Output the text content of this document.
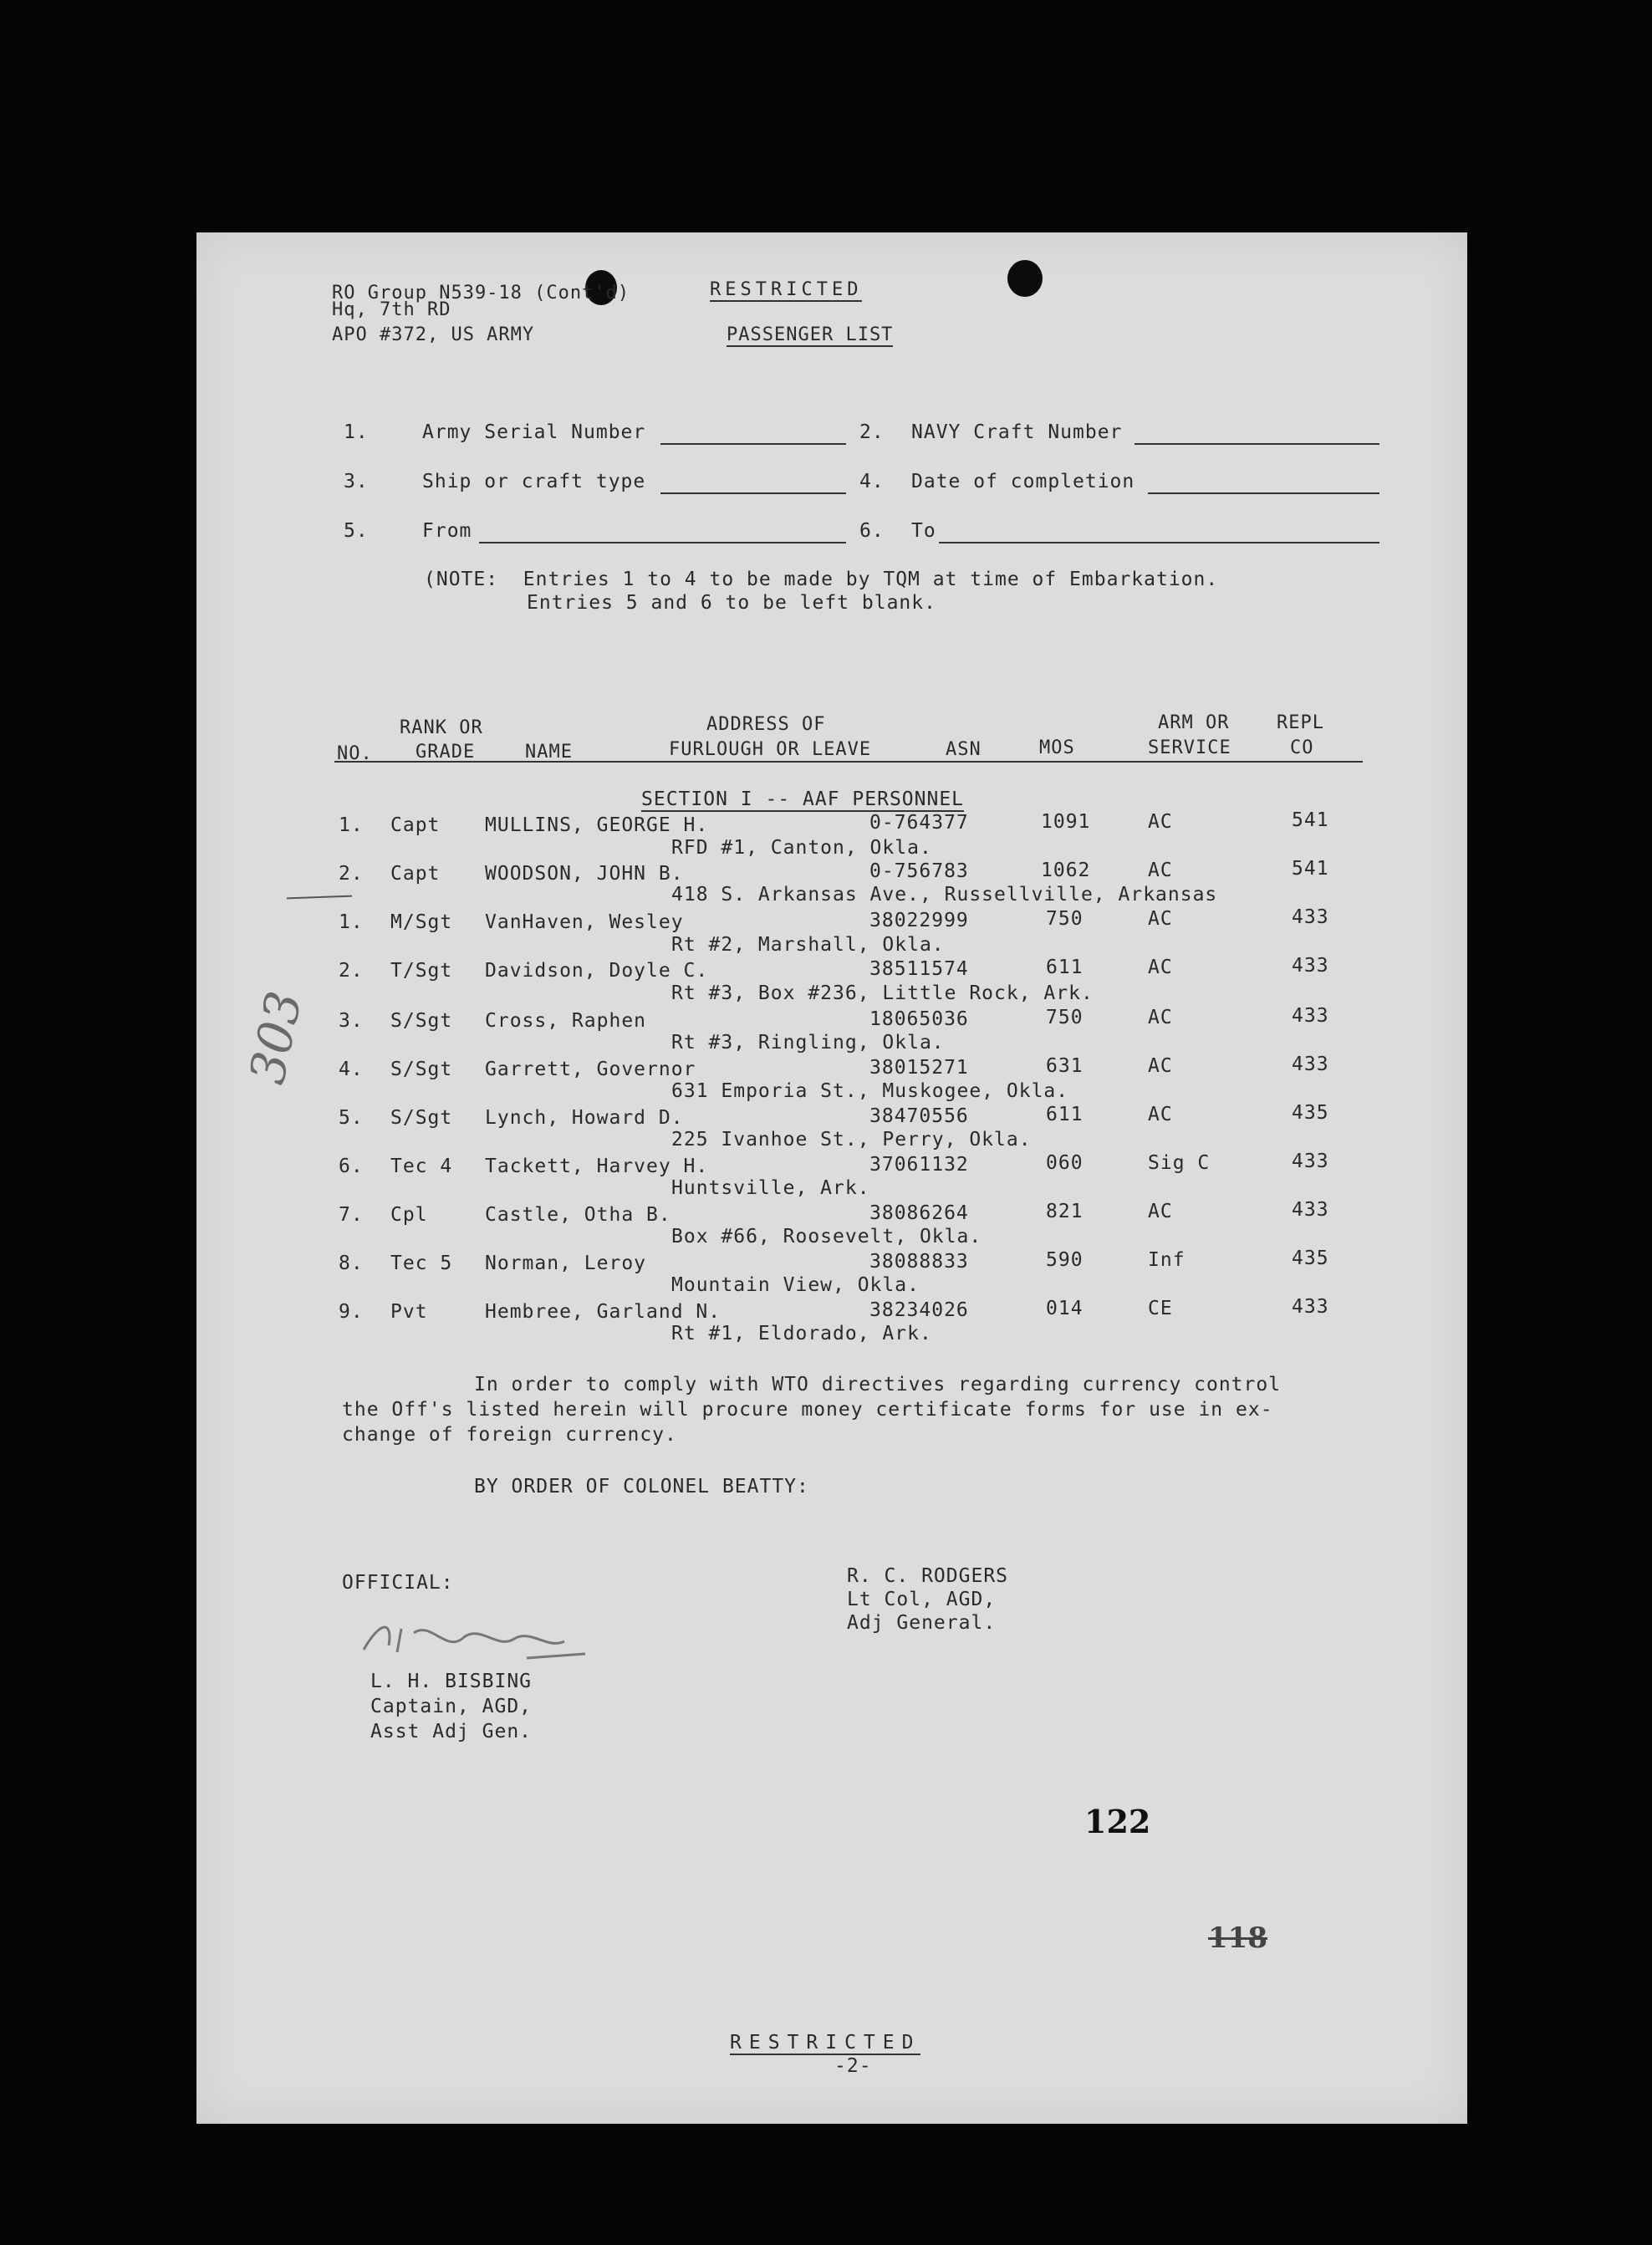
RO Group N539-18 (Cont'd)
Hq, 7th RD
APO #372, US ARMY
RESTRICTED
PASSENGER LIST
1.	Army Serial Number	2. NAVY Craft Number
3.	Ship or craft type	4. Date of completion
5.	From	6. To
(NOTE:  Entries 1 to 4 to be made by TQM at time of Embarkation.
Entries 5 and 6 to be left blank.
RANK OR	ADDRESS OF	ARM OR	REPL
NO. GRADE	NAME	FURLOUGH OR LEAVE	ASN	MOS	SERVICE	CO
SECTION I -- AAF PERSONNEL
1. Capt MULLINS, GEORGE H.	0-764377	1091	AC	541
RFD #1, Canton, Okla.
2. Capt WOODSON, JOHN B.	0-756783	1062	AC	541
418 S. Arkansas Ave., Russellville, Arkansas
1. M/Sgt VanHaven, Wesley	38022999	750	AC	433
Rt #2, Marshall, Okla.
2. T/Sgt Davidson, Doyle C.	38511574	611	AC	433
Rt #3, Box #236, Little Rock, Ark.
3. S/Sgt Cross, Raphen	18065036	750	AC	433
Rt #3, Ringling, Okla.
4. S/Sgt Garrett, Governor	38015271	631	AC	433
631 Emporia St., Muskogee, Okla.
5. S/Sgt Lynch, Howard D.	38470556	611	AC	435
225 Ivanhoe St., Perry, Okla.
6. Tec 4 Tackett, Harvey H.	37061132	060	Sig C	433
Huntsville, Ark.
7. Cpl	Castle, Otha B.	38086264	821	AC	433
Box #66, Roosevelt, Okla.
8. Tec 5 Norman, Leroy	38088833	590	Inf	435
Mountain View, Okla.
9. Pvt	Hembree, Garland N.	38234026	014	CE	433
Rt #1, Eldorado, Ark.
303
In order to comply with WTO directives regarding currency control
the Off's listed herein will procure money certificate forms for use in ex-
change of foreign currency.
BY ORDER OF COLONEL BEATTY:
OFFICIAL:
L. H. BISBING
Captain, AGD,
Asst Adj Gen.
R. C. RODGERS
Lt Col, AGD,
Adj General.
122
118
RESTRICTED
-2-
